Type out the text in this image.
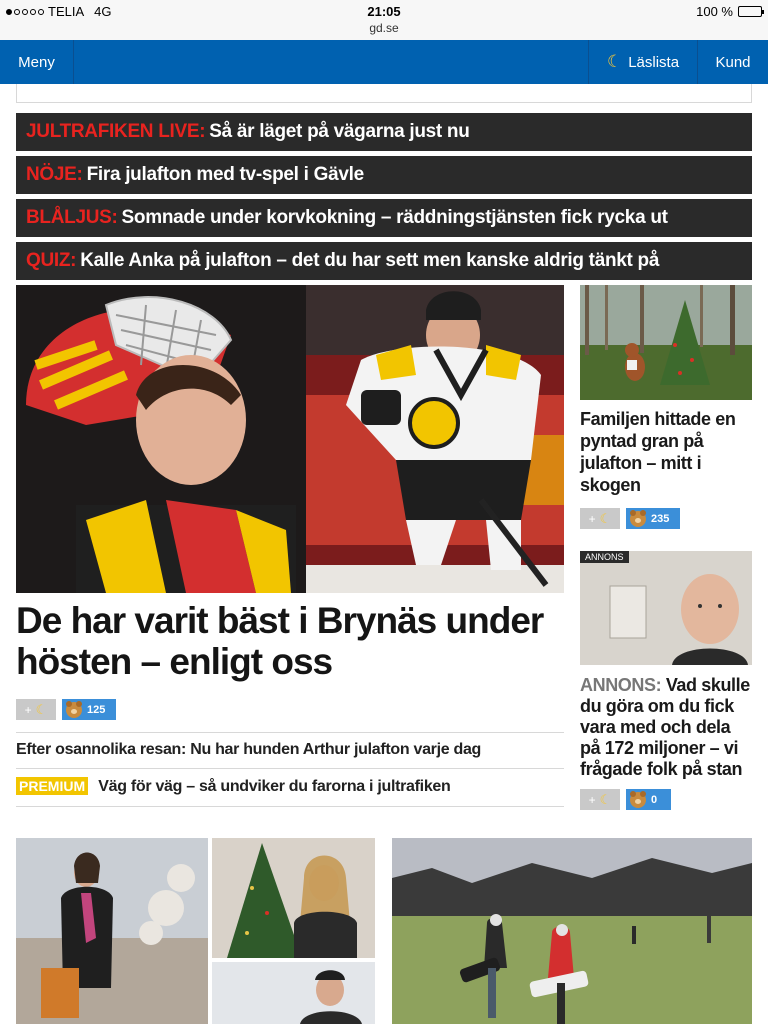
TELIA 4G	21:05
gd.se
100 %
Meny	☾ Läslista Kund
JULTRAFIKEN LIVE: Så är läget på vägarna just nu
NÖJE: Fira julafton med tv-spel i Gävle
BLÅLJUS: Somnade under korvkokning – räddningstjänsten fick rycka ut
QUIZ: Kalle Anka på julafton – det du har sett men kanske aldrig tänkt på
De har varit bäst i Brynäs under hösten – enligt oss
+ ☾	125
Efter osannolika resan: Nu har hunden Arthur julafton varje dag
PREMIUM Väg för väg – så undviker du farorna i jultrafiken
Familjen hittade en pyntad gran på julafton – mitt i skogen
+ ☾	235
ANNONS
ANNONS: Vad skulle du göra om du fick vara med och dela på 172 miljoner – vi frågade folk på stan
+ ☾	0
